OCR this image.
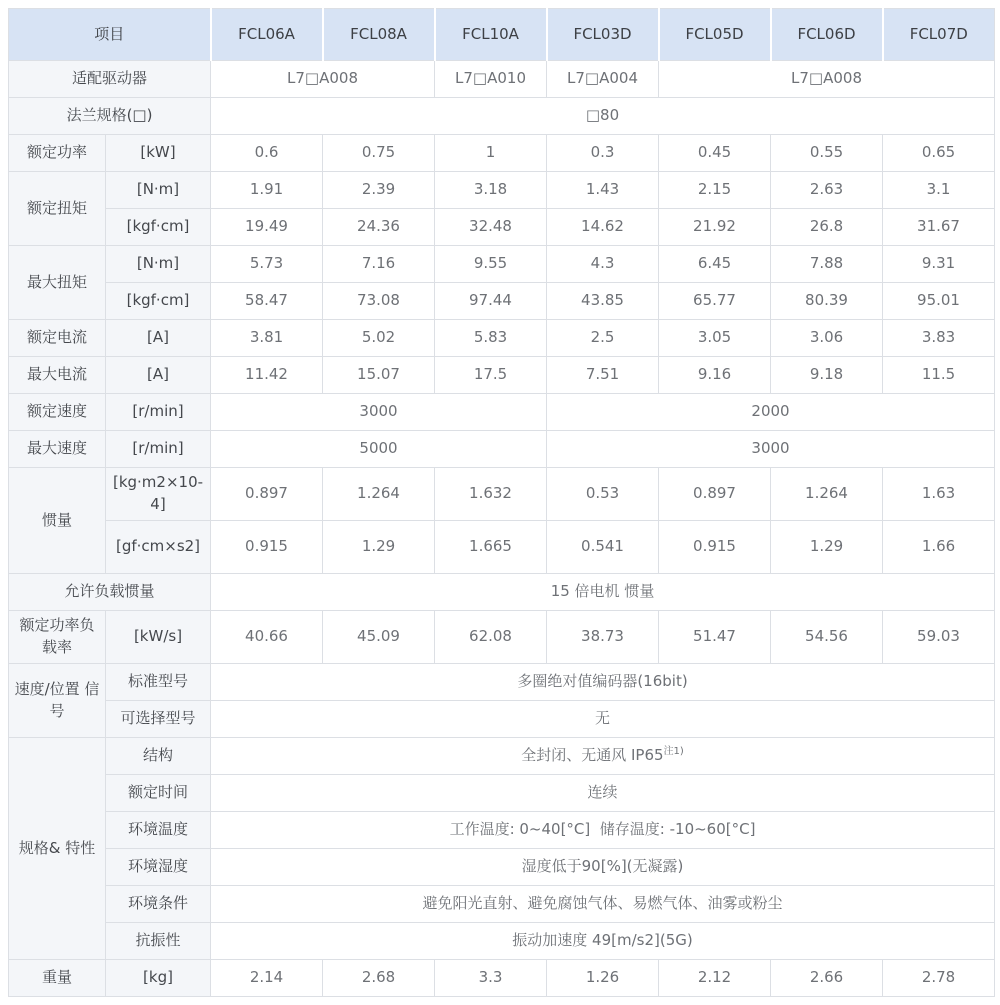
项目		FCL06A	FCL08A	FCL10A	FCL03D	FCL05D	FCL06D	FCL07D
适配驱动器		L7□A008		L7□A010	L7□A004	L7□A008		
法兰规格(□)		□80						
额定功率	[kW]	0.6	0.75	1	0.3	0.45	0.55	0.65
额定扭矩	[N·m]	1.91	2.39	3.18	1.43	2.15	2.63	3.1
	[kgf·cm]	19.49	24.36	32.48	14.62	21.92	26.8	31.67
最大扭矩	[N·m]	5.73	7.16	9.55	4.3	6.45	7.88	9.31
	[kgf·cm]	58.47	73.08	97.44	43.85	65.77	80.39	95.01
额定电流	[A]	3.81	5.02	5.83	2.5	3.05	3.06	3.83
最大电流	[A]	11.42	15.07	17.5	7.51	9.16	9.18	11.5
额定速度	[r/min]	3000			2000			
最大速度	[r/min]	5000			3000			
惯量	[kg·m2×10-4]	0.897	1.264	1.632	0.53	0.897	1.264	1.63
	[gf·cm×s2]	0.915	1.29	1.665	0.541	0.915	1.29	1.66
允许负载惯量		15 倍电机 惯量						
额定功率负载率	[kW/s]	40.66	45.09	62.08	38.73	51.47	54.56	59.03
速度/位置 信号	标准型号	多圈绝对值编码器(16bit)						
	可选择型号	无						
规格& 特性	结构	全封闭、无通风 IP65$^{注1)}$
	额定时间	连续						
	环境温度	工作温度: 0~40[°C]  储存温度: -10~60[°C]						
	环境湿度	湿度低于90[%](无凝露)						
	环境条件	避免阳光直射、避免腐蚀气体、易燃气体、油雾或粉尘						
	抗振性	振动加速度 49[m/s2](5G)						
重量	[kg]	2.14	2.68	3.3	1.26	2.12	2.66	2.78
